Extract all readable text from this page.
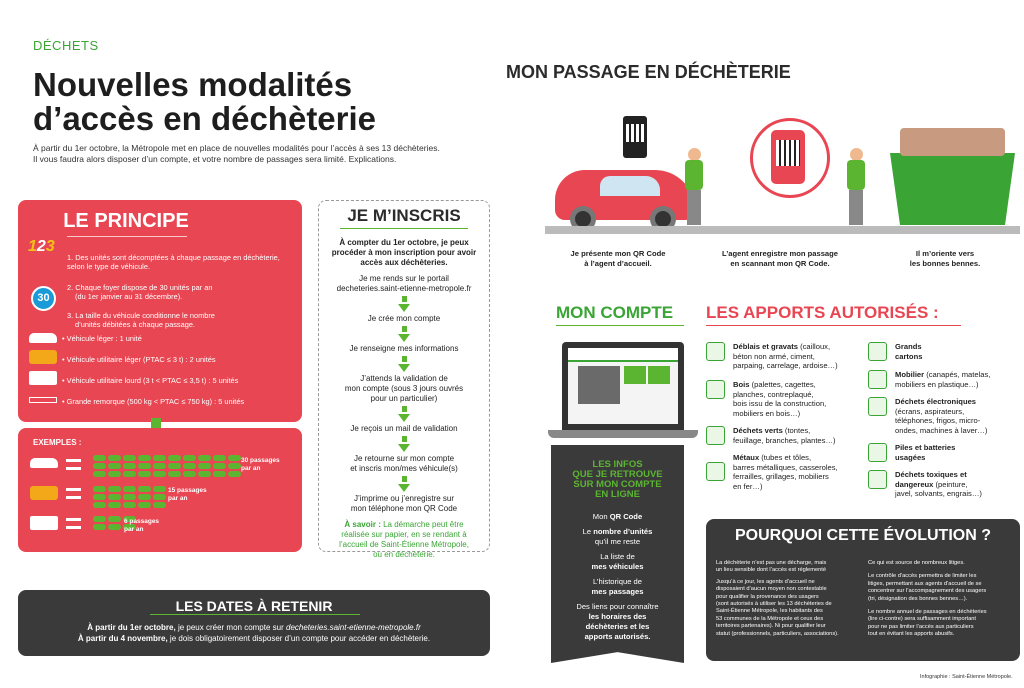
DÉCHETS
Nouvelles modalités
d’accès en déchèterie
À partir du 1er octobre, la Métropole met en place de nouvelles modalités pour l’accès à ses 13 déchèteries.
Il vous faudra alors disposer d’un compte, et votre nombre de passages sera limité. Explications.
LE PRINCIPE
123
1. Des unités sont décomptées à chaque passage en déchèterie, selon le type de véhicule.
30
2. Chaque foyer dispose de 30 unités par an
(du 1er janvier au 31 décembre).
3. La taille du véhicule conditionne le nombre
d’unités débitées à chaque passage.
• Véhicule léger : 1 unité
• Véhicule utilitaire léger (PTAC ≤ 3 t) : 2 unités
• Véhicule utilitaire lourd (3 t < PTAC ≤ 3,5 t) : 5 unités
• Grande remorque (500 kg < PTAC ≤ 750 kg) : 5 unités
EXEMPLES :
30 passages
par an
15 passages
par an
6 passages
par an
LES DATES À RETENIR
À partir du 1er octobre, je peux créer mon compte sur decheteries.saint-etienne-metropole.fr
À partir du 4 novembre, je dois obligatoirement disposer d’un compte pour accéder en déchèterie.
JE M’INSCRIS
À compter du 1er octobre, je peux
procéder à mon inscription pour avoir
accès aux déchèteries.
Je me rends sur le portail
decheteries.saint-etienne-metropole.fr
Je crée mon compte
Je renseigne mes informations
J’attends la validation de
mon compte (sous 3 jours ouvrés
pour un particulier)
Je reçois un mail de validation
Je retourne sur mon compte
et inscris mon/mes véhicule(s)
J’imprime ou j’enregistre sur
mon téléphone mon QR Code
À savoir : La démarche peut être
réalisée sur papier, en se rendant à
l’accueil de Saint-Étienne Métropole,
ou en déchèterie.
MON PASSAGE EN DÉCHÈTERIE
Je présente mon QR Code
à l’agent d’accueil.
L’agent enregistre mon passage
en scannant mon QR Code.
Il m’oriente vers
les bonnes bennes.
MON COMPTE
LES INFOS
QUE JE RETROUVE
SUR MON COMPTE
EN LIGNE
Mon QR Code
Le nombre d’unités
qu’il me reste
La liste de
mes véhicules
L’historique de
mes passages
Des liens pour connaître
les horaires des
déchèteries et les
apports autorisés.
LES APPORTS AUTORISÉS :
Déblais et gravats (cailloux,
béton non armé, ciment,
parpaing, carrelage, ardoise…)
Bois (palettes, cagettes,
planches, contreplaqué,
bois issu de la construction,
mobiliers en bois…)
Déchets verts (tontes,
feuillage, branches, plantes…)
Métaux (tubes et tôles,
barres métalliques, casseroles,
ferrailles, grillages, mobiliers
en fer…)
Grands
cartons
Mobilier (canapés, matelas,
mobiliers en plastique…)
Déchets électroniques
(écrans, aspirateurs,
téléphones, frigos, micro-
ondes, machines à laver…)
Piles et batteries
usagées
Déchets toxiques et
dangereux (peinture,
javel, solvants, engrais…)
POURQUOI CETTE ÉVOLUTION ?
La déchèterie n’est pas une décharge, mais
un lieu sensible dont l’accès est réglementé
Jusqu’à ce jour, les agents d’accueil ne
disposaient d’aucun moyen non contestable
pour qualifier la provenance des usagers
(sont autorisés à utiliser les 13 déchèteries de
Saint-Étienne Métropole, les habitants des
53 communes de la Métropole et ceux des
territoires partenaires). Ni pour qualifier leur
statut (professionnels, particuliers, associations).
Ce qui est source de nombreux litiges.
Le contrôle d’accès permettra de limiter les
litiges, permettant aux agents d’accueil de se
concentrer sur l’accompagnement des usagers
(tri, désignation des bonnes bennes…).
Le nombre annuel de passages en déchèteries
(lire ci-contre) sera suffisamment important
pour ne pas limiter l’accès aux particuliers
tout en évitant les apports abusifs.
Infographie : Saint-Étienne Métropole.
